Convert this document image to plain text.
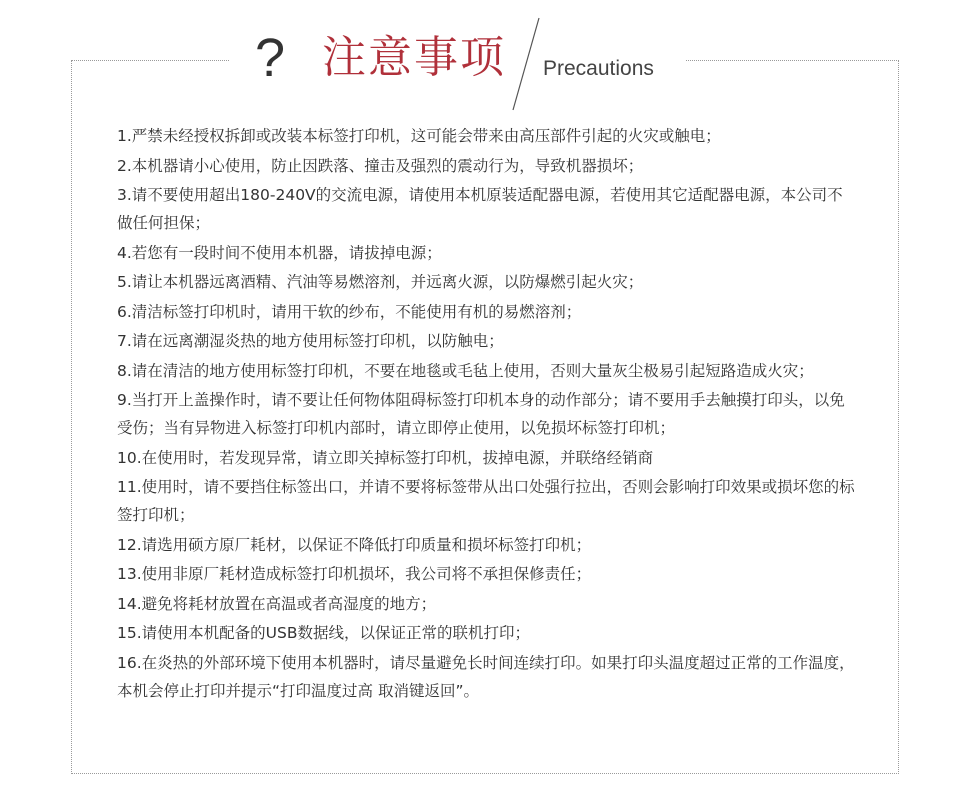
? 注意事项 Precautions
1.严禁未经授权拆卸或改装本标签打印机，这可能会带来由高压部件引起的火灾或触电；
2.本机器请小心使用，防止因跌落、撞击及强烈的震动行为，导致机器损坏；
3.请不要使用超出180-240V的交流电源，请使用本机原装适配器电源，若使用其它适配器电源，本公司不做任何担保；
4.若您有一段时间不使用本机器，请拔掉电源；
5.请让本机器远离酒精、汽油等易燃溶剂，并远离火源，以防爆燃引起火灾；
6.清洁标签打印机时，请用干软的纱布，不能使用有机的易燃溶剂；
7.请在远离潮湿炎热的地方使用标签打印机，以防触电；
8.请在清洁的地方使用标签打印机，不要在地毯或毛毡上使用，否则大量灰尘极易引起短路造成火灾；
9.当打开上盖操作时，请不要让任何物体阻碍标签打印机本身的动作部分；请不要用手去触摸打印头，以免受伤；当有异物进入标签打印机内部时，请立即停止使用，以免损坏标签打印机；
10.在使用时，若发现异常，请立即关掉标签打印机，拔掉电源，并联络经销商
11.使用时，请不要挡住标签出口，并请不要将标签带从出口处强行拉出，否则会影响打印效果或损坏您的标签打印机；
12.请选用硕方原厂耗材，以保证不降低打印质量和损坏标签打印机；
13.使用非原厂耗材造成标签打印机损坏，我公司将不承担保修责任；
14.避免将耗材放置在高温或者高湿度的地方；
15.请使用本机配备的USB数据线，以保证正常的联机打印；
16.在炎热的外部环境下使用本机器时，请尽量避免长时间连续打印。如果打印头温度超过正常的工作温度，本机会停止打印并提示“打印温度过高 取消键返回”。
